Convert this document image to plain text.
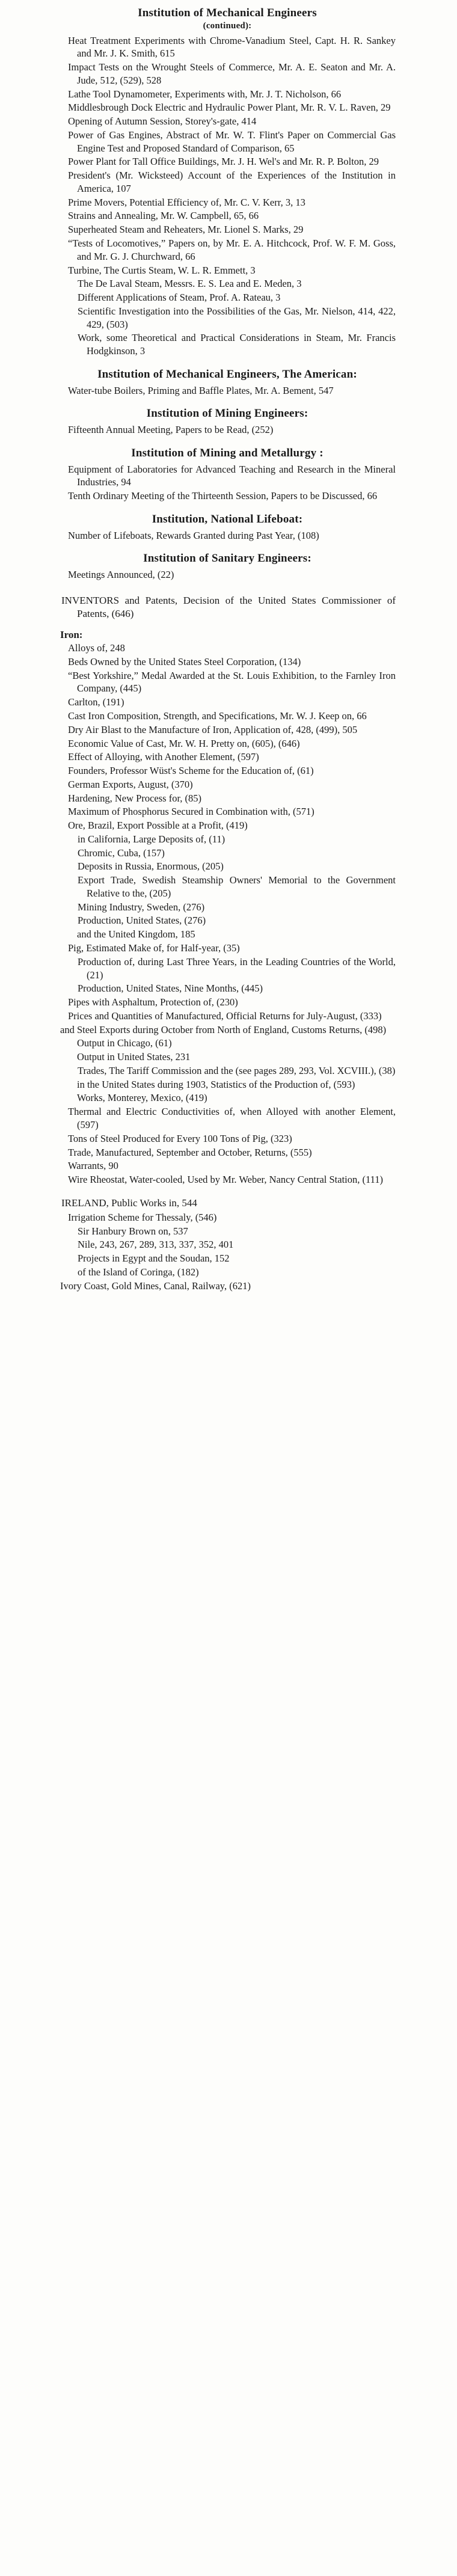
Institution of Mechanical Engineers
(continued):
Heat Treatment Experiments with Chrome-Vanadium Steel, Capt. H. R. Sankey and Mr. J. K. Smith, 615
Impact Tests on the Wrought Steels of Commerce, Mr. A. E. Seaton and Mr. A. Jude, 512, (529), 528
Lathe Tool Dynamometer, Experiments with, Mr. J. T. Nicholson, 66
Middlesbrough Dock Electric and Hydraulic Power Plant, Mr. R. V. L. Raven, 29
Opening of Autumn Session, Storey's-gate, 414
Power of Gas Engines, Abstract of Mr. W. T. Flint's Paper on Commercial Gas Engine Test and Proposed Standard of Comparison, 65
Power Plant for Tall Office Buildings, Mr. J. H. Wel's and Mr. R. P. Bolton, 29
President's (Mr. Wicksteed) Account of the Experiences of the Institution in America, 107
Prime Movers, Potential Efficiency of, Mr. C. V. Kerr, 3, 13
Strains and Annealing, Mr. W. Campbell, 65, 66
Superheated Steam and Reheaters, Mr. Lionel S. Marks, 29
“Tests of Locomotives,” Papers on, by Mr. E. A. Hitchcock, Prof. W. F. M. Goss, and Mr. G. J. Churchward, 66
Turbine, The Curtis Steam, W. L. R. Emmett, 3
The De Laval Steam, Messrs. E. S. Lea and E. Meden, 3
Different Applications of Steam, Prof. A. Rateau, 3
Scientific Investigation into the Possibilities of the Gas, Mr. Nielson, 414, 422, 429, (503)
Work, some Theoretical and Practical Considerations in Steam, Mr. Francis Hodgkinson, 3
Institution of Mechanical Engineers, The American:
Water-tube Boilers, Priming and Baffle Plates, Mr. A. Bement, 547
Institution of Mining Engineers:
Fifteenth Annual Meeting, Papers to be Read, (252)
Institution of Mining and Metallurgy :
Equipment of Laboratories for Advanced Teaching and Research in the Mineral Industries, 94
Tenth Ordinary Meeting of the Thirteenth Session, Papers to be Discussed, 66
Institution, National Lifeboat:
Number of Lifeboats, Rewards Granted during Past Year, (108)
Institution of Sanitary Engineers:
Meetings Announced, (22)
INVENTORS and Patents, Decision of the United States Commissioner of Patents, (646)
Iron:
Alloys of, 248
Beds Owned by the United States Steel Corporation, (134)
“Best Yorkshire,” Medal Awarded at the St. Louis Exhibition, to the Farnley Iron Company, (445)
Carlton, (191)
Cast Iron Composition, Strength, and Specifications, Mr. W. J. Keep on, 66
Dry Air Blast to the Manufacture of Iron, Application of, 428, (499), 505
Economic Value of Cast, Mr. W. H. Pretty on, (605), (646)
Effect of Alloying, with Another Element, (597)
Founders, Professor Wüst's Scheme for the Education of, (61)
German Exports, August, (370)
Hardening, New Process for, (85)
Maximum of Phosphorus Secured in Combination with, (571)
Ore, Brazil, Export Possible at a Profit, (419)
in California, Large Deposits of, (11)
Chromic, Cuba, (157)
Deposits in Russia, Enormous, (205)
Export Trade, Swedish Steamship Owners' Memorial to the Government Relative to the, (205)
Mining Industry, Sweden, (276)
Production, United States, (276)
and the United Kingdom, 185
Pig, Estimated Make of, for Half-year, (35)
Production of, during Last Three Years, in the Leading Countries of the World, (21)
Production, United States, Nine Months, (445)
Pipes with Asphaltum, Protection of, (230)
Prices and Quantities of Manufactured, Official Returns for July-August, (333)
and Steel Exports during October from North of England, Customs Returns, (498)
Output in Chicago, (61)
Output in United States, 231
Trades, The Tariff Commission and the (see pages 289, 293, Vol. XCVIII.), (38)
in the United States during 1903, Statistics of the Production of, (593)
Works, Monterey, Mexico, (419)
Thermal and Electric Conductivities of, when Alloyed with another Element, (597)
Tons of Steel Produced for Every 100 Tons of Pig, (323)
Trade, Manufactured, September and October, Returns, (555)
Warrants, 90
Wire Rheostat, Water-cooled, Used by Mr. Weber, Nancy Central Station, (111)
IRELAND, Public Works in, 544
Irrigation Scheme for Thessaly, (546)
Sir Hanbury Brown on, 537
Nile, 243, 267, 289, 313, 337, 352, 401
Projects in Egypt and the Soudan, 152
of the Island of Coringa, (182)
Ivory Coast, Gold Mines, Canal, Railway, (621)
